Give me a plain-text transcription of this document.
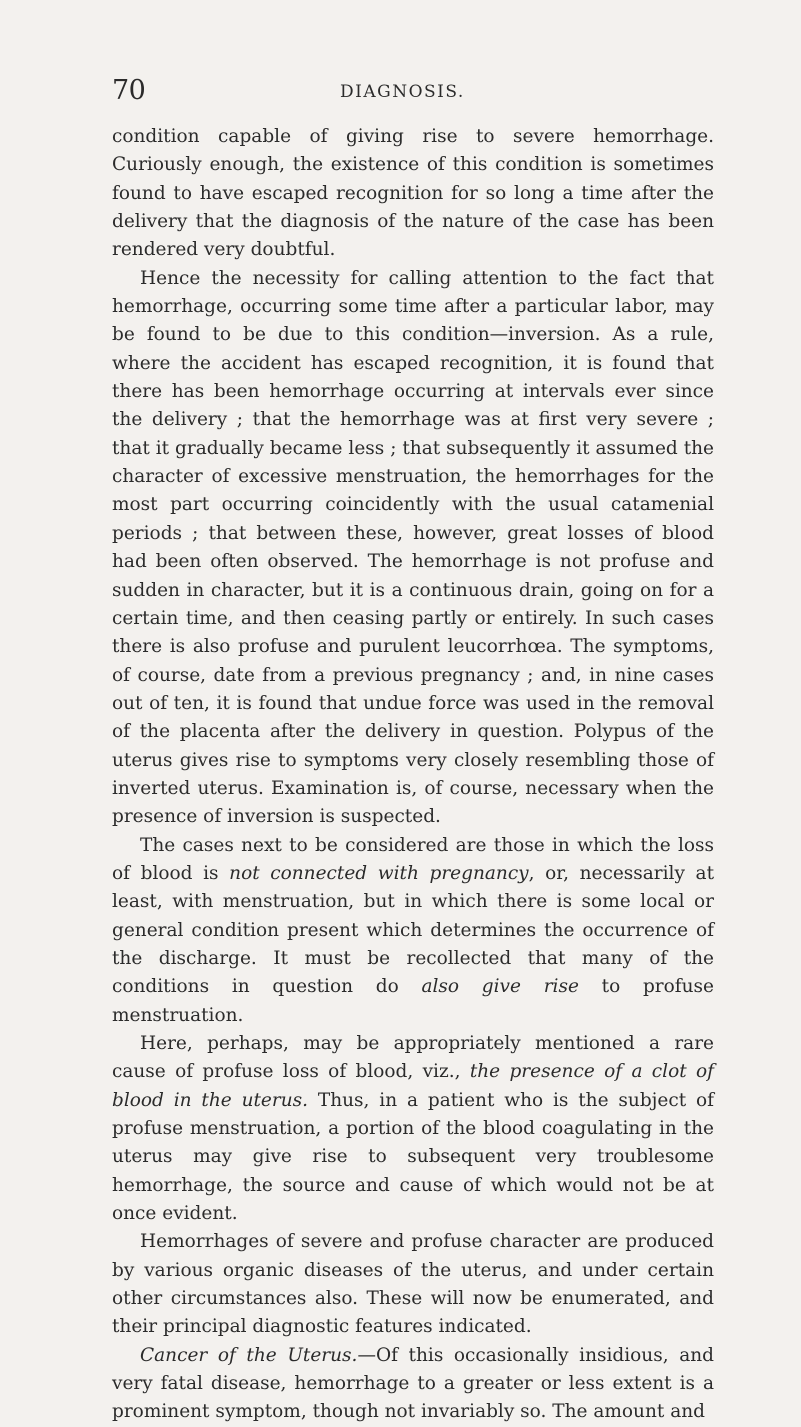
70	DIAGNOSIS.

condition capable of giving rise to severe hemorrhage. Curiously enough, the existence of this condition is sometimes found to have escaped recognition for so long a time after the delivery that the diagnosis of the nature of the case has been rendered very doubtful.

Hence the necessity for calling attention to the fact that hemorrhage, occurring some time after a particular labor, may be found to be due to this condition—inversion. As a rule, where the accident has escaped recognition, it is found that there has been hemorrhage occurring at intervals ever since the delivery ; that the hemorrhage was at first very severe ; that it gradually became less ; that subsequently it assumed the character of excessive menstruation, the hemorrhages for the most part occurring coincidently with the usual catamenial periods ; that between these, however, great losses of blood had been often observed. The hemorrhage is not profuse and sudden in character, but it is a continuous drain, going on for a certain time, and then ceasing partly or entirely. In such cases there is also profuse and purulent leucorrhœa. The symptoms, of course, date from a previous pregnancy ; and, in nine cases out of ten, it is found that undue force was used in the removal of the placenta after the delivery in question. Polypus of the uterus gives rise to symptoms very closely resembling those of inverted uterus. Examination is, of course, necessary when the presence of inversion is suspected.

The cases next to be considered are those in which the loss of blood is not connected with pregnancy, or, necessarily at least, with menstruation, but in which there is some local or general condition present which determines the occurrence of the discharge. It must be recollected that many of the conditions in question do also give rise to profuse menstruation.

Here, perhaps, may be appropriately mentioned a rare cause of profuse loss of blood, viz., the presence of a clot of blood in the uterus. Thus, in a patient who is the subject of profuse menstruation, a portion of the blood coagulating in the uterus may give rise to subsequent very troublesome hemorrhage, the source and cause of which would not be at once evident.

Hemorrhages of severe and profuse character are produced by various organic diseases of the uterus, and under certain other circumstances also. These will now be enumerated, and their principal diagnostic features indicated.

Cancer of the Uterus.—Of this occasionally insidious, and very fatal disease, hemorrhage to a greater or less extent is a prominent symptom, though not invariably so. The amount and
